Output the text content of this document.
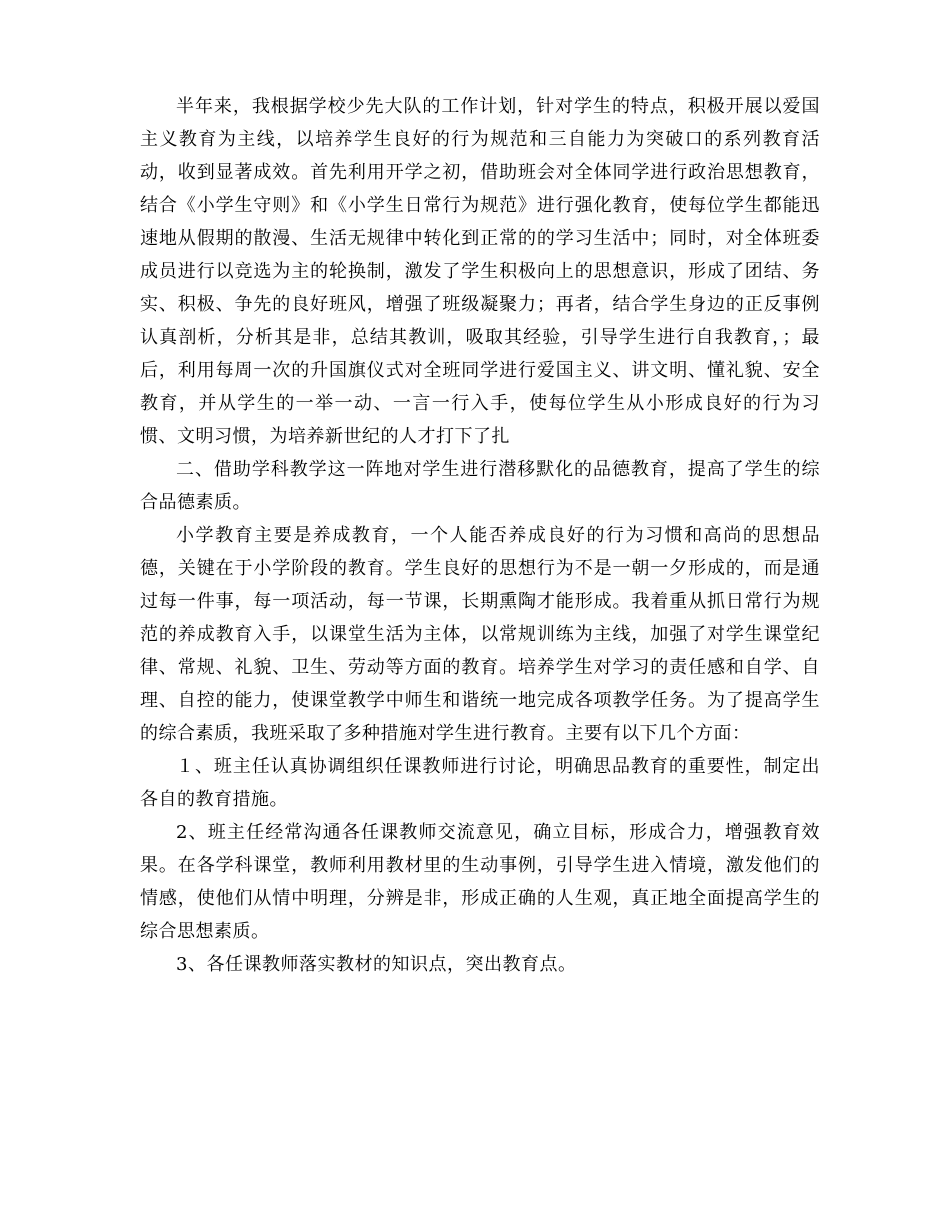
半年来，我根据学校少先大队的工作计划，针对学生的特点，积极开展以爱国主义教育为主线，以培养学生良好的行为规范和三自能力为突破口的系列教育活动，收到显著成效。首先利用开学之初，借助班会对全体同学进行政治思想教育，结合《小学生守则》和《小学生日常行为规范》进行强化教育，使每位学生都能迅速地从假期的散漫、生活无规律中转化到正常的的学习生活中；同时，对全体班委成员进行以竞选为主的轮换制，激发了学生积极向上的思想意识，形成了团结、务实、积极、争先的良好班风，增强了班级凝聚力；再者，结合学生身边的正反事例认真剖析，分析其是非，总结其教训，吸取其经验，引导学生进行自我教育，；最后，利用每周一次的升国旗仪式对全班同学进行爱国主义、讲文明、懂礼貌、安全教育，并从学生的一举一动、一言一行入手，使每位学生从小形成良好的行为习惯、文明习惯，为培养新世纪的人才打下了扎

二、借助学科教学这一阵地对学生进行潜移默化的品德教育，提高了学生的综合品德素质。

小学教育主要是养成教育，一个人能否养成良好的行为习惯和高尚的思想品德，关键在于小学阶段的教育。学生良好的思想行为不是一朝一夕形成的，而是通过每一件事，每一项活动，每一节课，长期熏陶才能形成。我着重从抓日常行为规范的养成教育入手，以课堂生活为主体，以常规训练为主线，加强了对学生课堂纪律、常规、礼貌、卫生、劳动等方面的教育。培养学生对学习的责任感和自学、自理、自控的能力，使课堂教学中师生和谐统一地完成各项教学任务。为了提高学生的综合素质，我班采取了多种措施对学生进行教育。主要有以下几个方面：

１、班主任认真协调组织任课教师进行讨论，明确思品教育的重要性，制定出各自的教育措施。

2、班主任经常沟通各任课教师交流意见，确立目标，形成合力，增强教育效果。在各学科课堂，教师利用教材里的生动事例，引导学生进入情境，激发他们的情感，使他们从情中明理，分辨是非，形成正确的人生观，真正地全面提高学生的综合思想素质。

3、各任课教师落实教材的知识点，突出教育点。
